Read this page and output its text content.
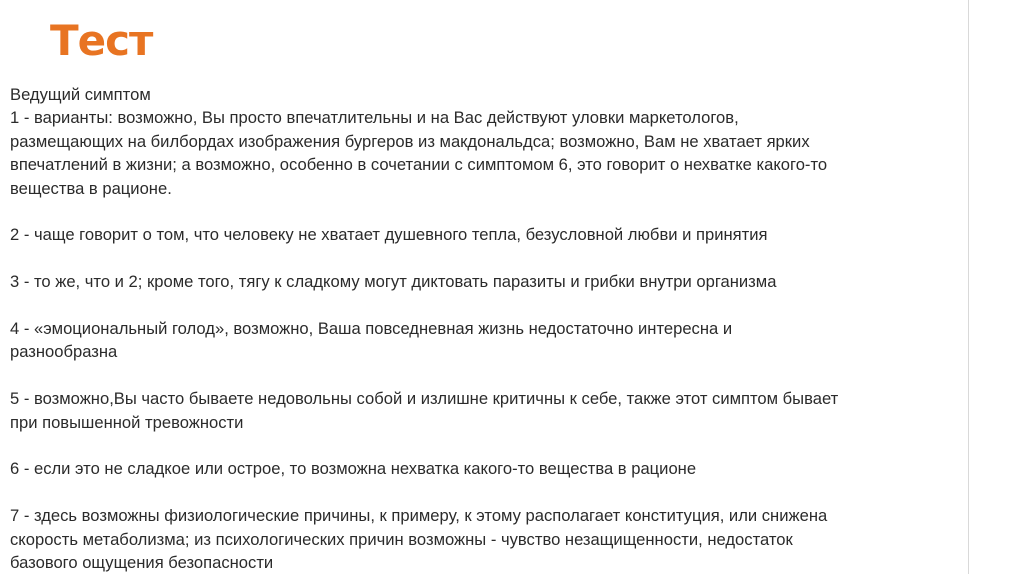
Тест

Ведущий симптом
1 - варианты: возможно, Вы просто впечатлительны и на Вас действуют уловки маркетологов,
размещающих на билбордах изображения бургеров из макдональдса; возможно, Вам не хватает ярких
впечатлений в жизни; а возможно, особенно в сочетании с симптомом 6, это говорит о нехватке какого-то
вещества в рационе.

2 - чаще говорит о том, что человеку не хватает душевного тепла, безусловной любви и принятия

3 - то же, что и 2; кроме того, тягу к сладкому могут диктовать паразиты и грибки внутри организма

4 - «эмоциональный голод», возможно, Ваша повседневная жизнь недостаточно интересна и
разнообразна

5 - возможно,Вы часто бываете недовольны собой и излишне критичны к себе, также этот симптом бывает
при повышенной тревожности

6 - если это не сладкое или острое, то возможна нехватка какого-то вещества в рационе

7 - здесь возможны физиологические причины, к примеру, к этому располагает конституция, или снижена
скорость метаболизма; из психологических причин возможны - чувство незащищенности, недостаток
базового ощущения безопасности
